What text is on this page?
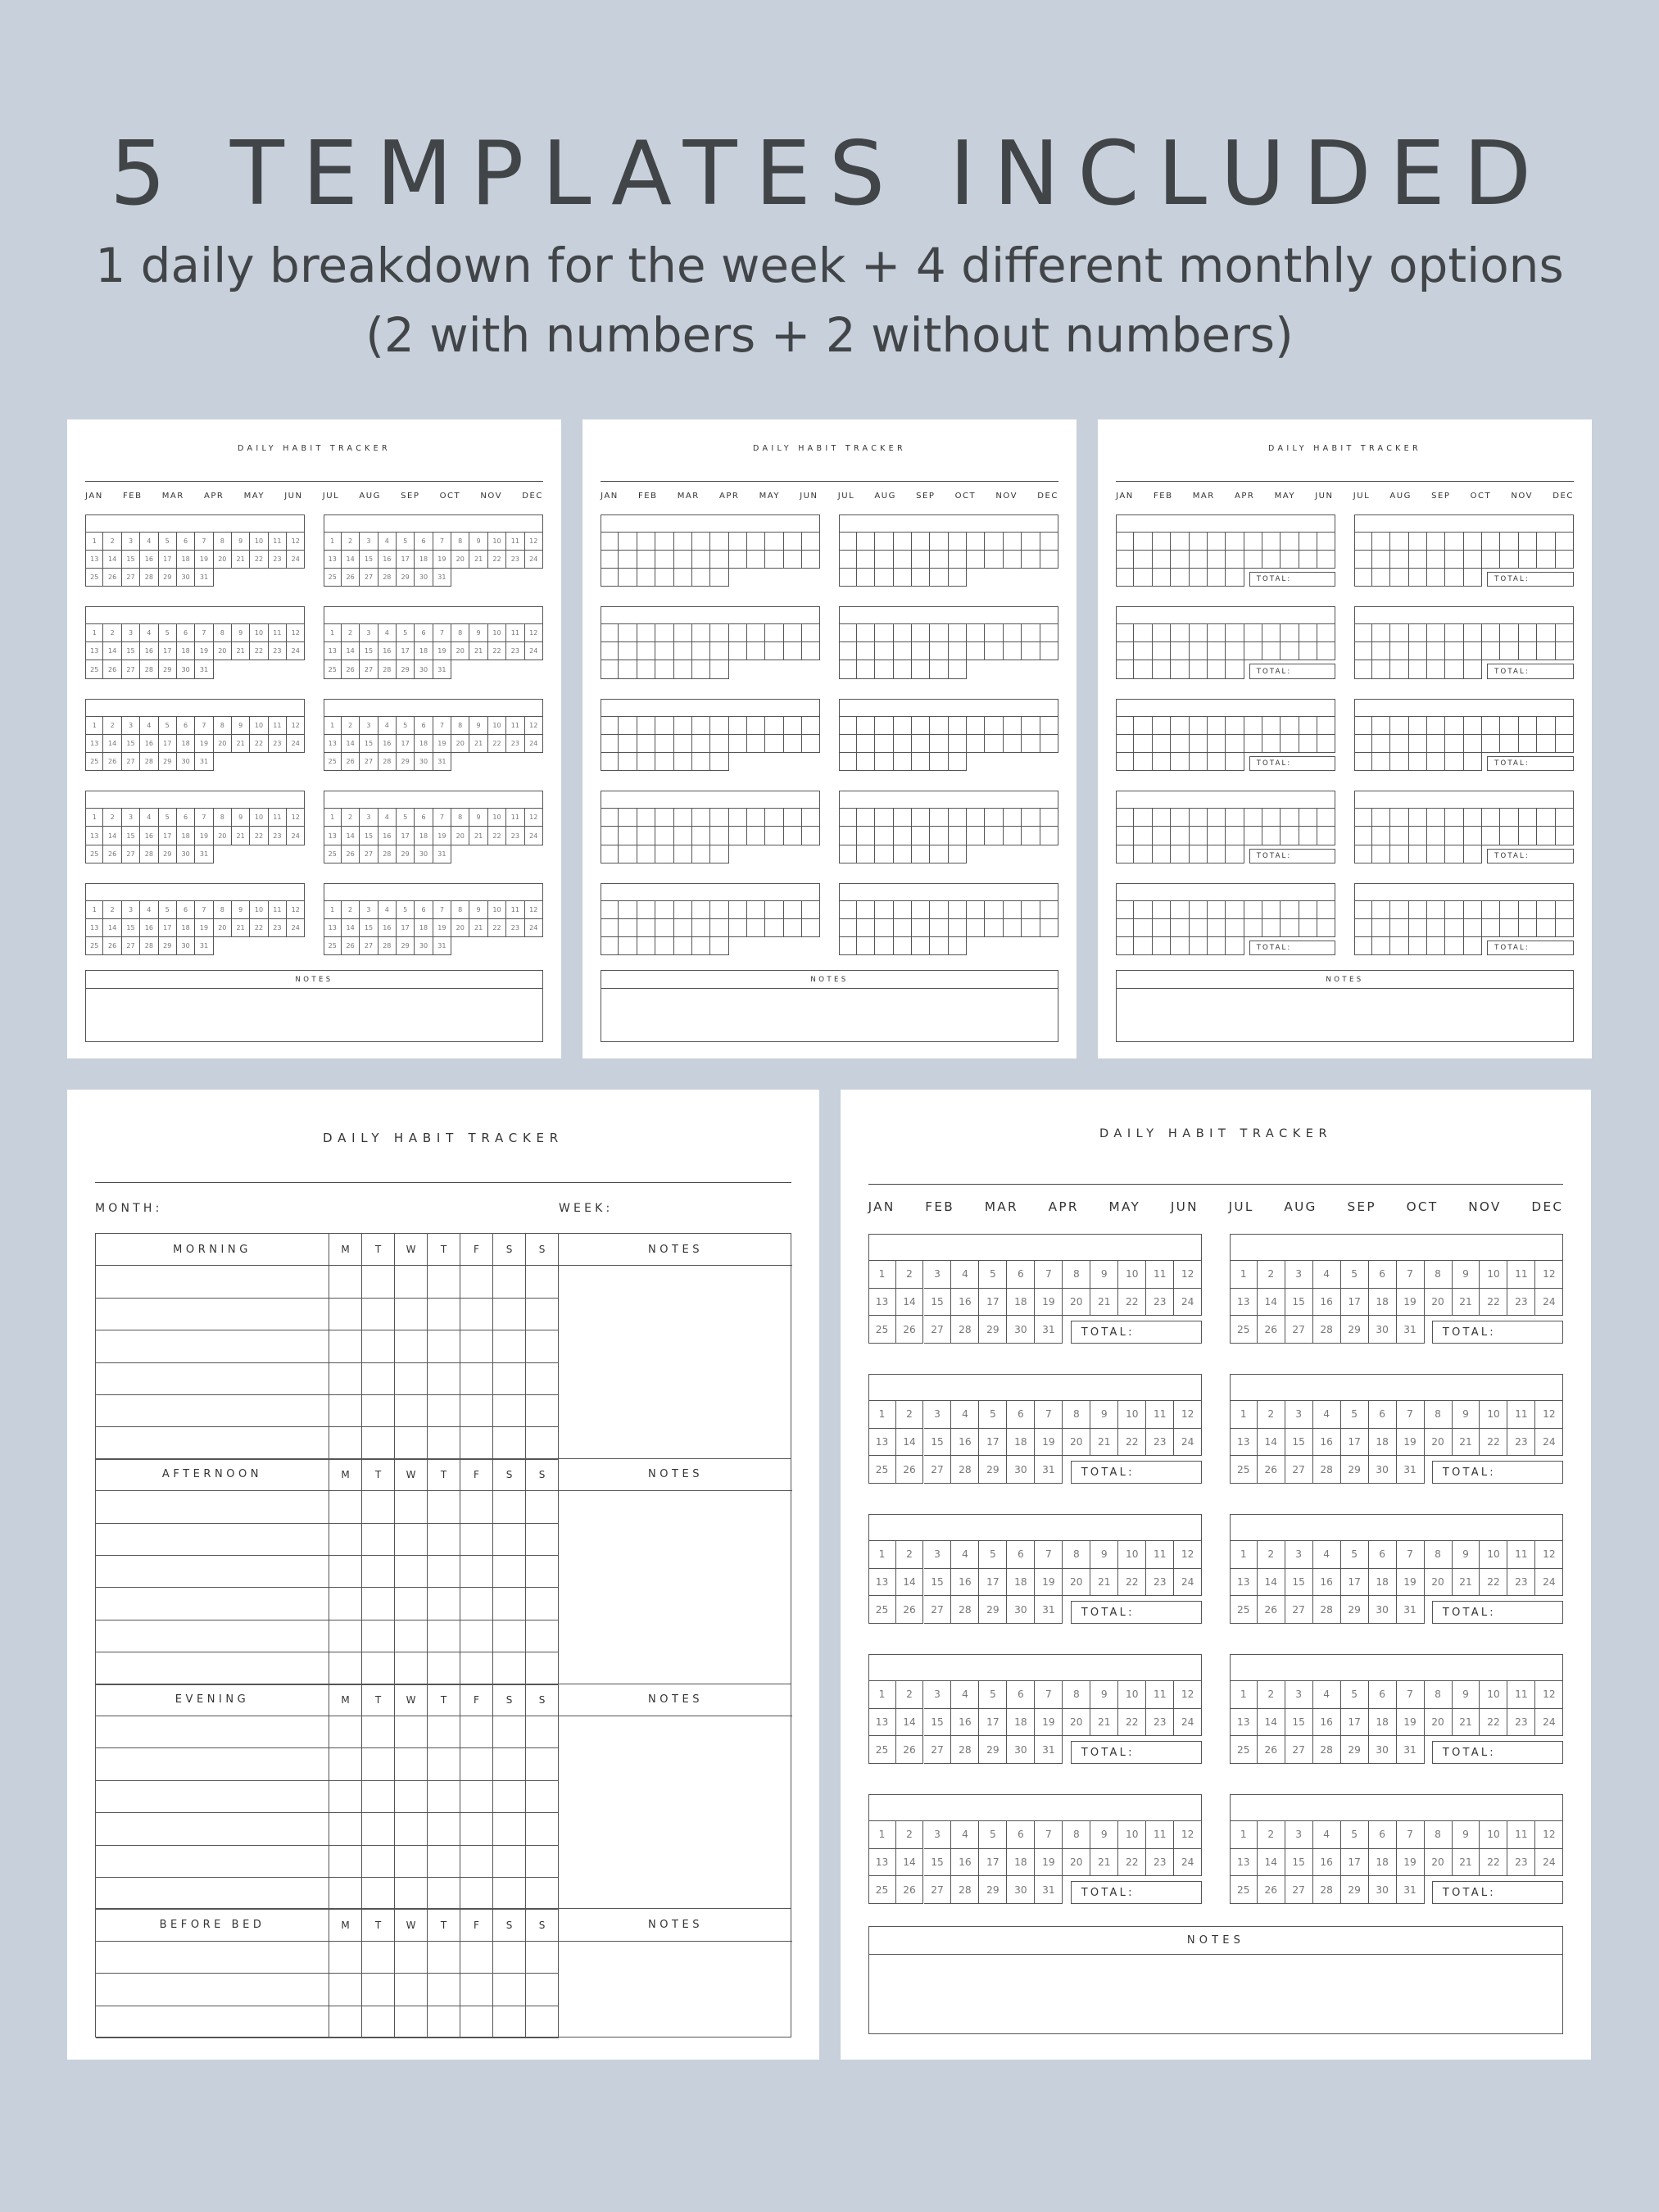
5 TEMPLATES INCLUDED
1 daily breakdown for the week + 4 different monthly options
(2 with numbers + 2 without numbers)
DAILY HABIT TRACKER
JAN FEB MAR APR MAY JUN JUL AUG SEP OCT NOV DEC
1	2	3	4	5	6	7	8	9	10	11	12
13	14	15	16	17	18	19	20	21	22	23	24
25	26	27	28	29	30	31
1	2	3	4	5	6	7	8	9	10	11	12
13	14	15	16	17	18	19	20	21	22	23	24
25	26	27	28	29	30	31
1	2	3	4	5	6	7	8	9	10	11	12
13	14	15	16	17	18	19	20	21	22	23	24
25	26	27	28	29	30	31
1	2	3	4	5	6	7	8	9	10	11	12
13	14	15	16	17	18	19	20	21	22	23	24
25	26	27	28	29	30	31
1	2	3	4	5	6	7	8	9	10	11	12
13	14	15	16	17	18	19	20	21	22	23	24
25	26	27	28	29	30	31
1	2	3	4	5	6	7	8	9	10	11	12
13	14	15	16	17	18	19	20	21	22	23	24
25	26	27	28	29	30	31
1	2	3	4	5	6	7	8	9	10	11	12
13	14	15	16	17	18	19	20	21	22	23	24
25	26	27	28	29	30	31
1	2	3	4	5	6	7	8	9	10	11	12
13	14	15	16	17	18	19	20	21	22	23	24
25	26	27	28	29	30	31
1	2	3	4	5	6	7	8	9	10	11	12
13	14	15	16	17	18	19	20	21	22	23	24
25	26	27	28	29	30	31
1	2	3	4	5	6	7	8	9	10	11	12
13	14	15	16	17	18	19	20	21	22	23	24
25	26	27	28	29	30	31
NOTES
DAILY HABIT TRACKER
JAN FEB MAR APR MAY JUN JUL AUG SEP OCT NOV DEC
NOTES
DAILY HABIT TRACKER
JAN FEB MAR APR MAY JUN JUL AUG SEP OCT NOV DEC
TOTAL:	TOTAL:
TOTAL:	TOTAL:
TOTAL:	TOTAL:
TOTAL:	TOTAL:
TOTAL:	TOTAL:
NOTES
DAILY HABIT TRACKER
JAN FEB MAR APR MAY JUN JUL AUG SEP OCT NOV DEC
1	2	3	4	5	6	7	8	9	10	11	12
13	14	15	16	17	18	19	20	21	22	23	24
25	26	27	28	29	30	31	TOTAL:
1	2	3	4	5	6	7	8	9	10	11	12
13	14	15	16	17	18	19	20	21	22	23	24
25	26	27	28	29	30	31	TOTAL:
1	2	3	4	5	6	7	8	9	10	11	12
13	14	15	16	17	18	19	20	21	22	23	24
25	26	27	28	29	30	31	TOTAL:
1	2	3	4	5	6	7	8	9	10	11	12
13	14	15	16	17	18	19	20	21	22	23	24
25	26	27	28	29	30	31	TOTAL:
1	2	3	4	5	6	7	8	9	10	11	12
13	14	15	16	17	18	19	20	21	22	23	24
25	26	27	28	29	30	31	TOTAL:
1	2	3	4	5	6	7	8	9	10	11	12
13	14	15	16	17	18	19	20	21	22	23	24
25	26	27	28	29	30	31	TOTAL:
1	2	3	4	5	6	7	8	9	10	11	12
13	14	15	16	17	18	19	20	21	22	23	24
25	26	27	28	29	30	31	TOTAL:
1	2	3	4	5	6	7	8	9	10	11	12
13	14	15	16	17	18	19	20	21	22	23	24
25	26	27	28	29	30	31	TOTAL:
1	2	3	4	5	6	7	8	9	10	11	12
13	14	15	16	17	18	19	20	21	22	23	24
25	26	27	28	29	30	31	TOTAL:
1	2	3	4	5	6	7	8	9	10	11	12
13	14	15	16	17	18	19	20	21	22	23	24
25	26	27	28	29	30	31	TOTAL:
NOTES
DAILY HABIT TRACKER
MONTH:	WEEK:
MORNING	M	T	W	T	F	S	S	NOTES
AFTERNOON	M	T	W	T	F	S	S	NOTES
EVENING	M	T	W	T	F	S	S	NOTES
BEFORE BED	M	T	W	T	F	S	S	NOTES
